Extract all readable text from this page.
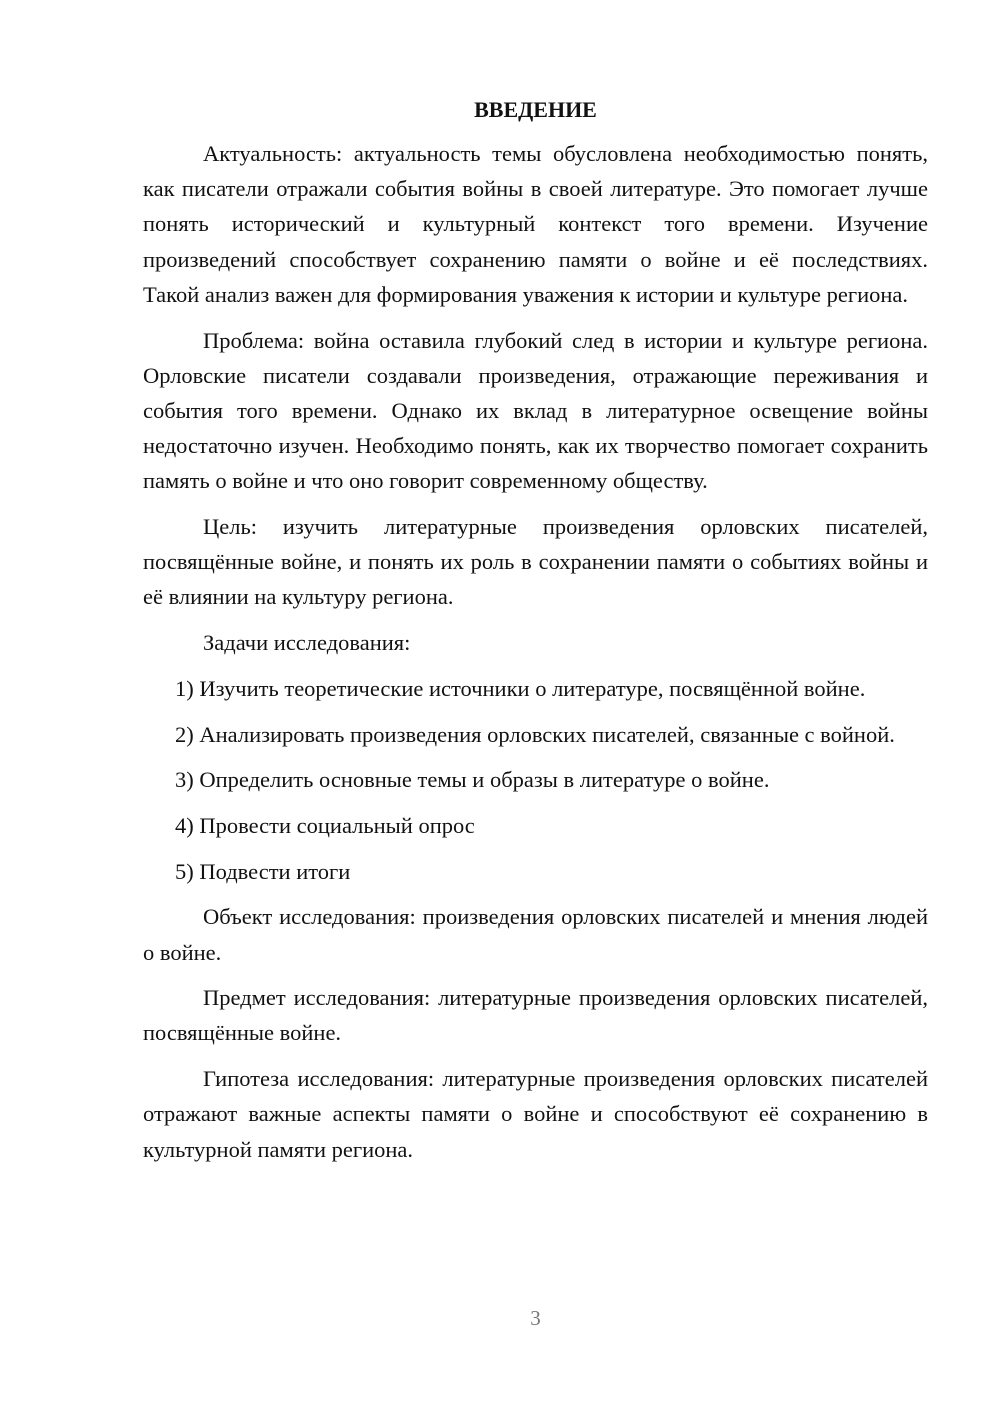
ВВЕДЕНИЕ

Актуальность: актуальность темы обусловлена необходимостью понять, как писатели отражали события войны в своей литературе. Это помогает лучше понять исторический и культурный контекст того времени. Изучение произведений способствует сохранению памяти о войне и её последствиях. Такой анализ важен для формирования уважения к истории и культуре региона.

Проблема: война оставила глубокий след в истории и культуре региона. Орловские писатели создавали произведения, отражающие переживания и события того времени. Однако их вклад в литературное освещение войны недостаточно изучен. Необходимо понять, как их творчество помогает сохранить память о войне и что оно говорит современному обществу.

Цель: изучить литературные произведения орловских писателей, посвящённые войне, и понять их роль в сохранении памяти о событиях войны и её влиянии на культуру региона.

Задачи исследования:

1) Изучить теоретические источники о литературе, посвящённой войне.

2) Анализировать произведения орловских писателей, связанные с войной.

3) Определить основные темы и образы в литературе о войне.

4) Провести социальный опрос

5) Подвести итоги

Объект исследования: произведения орловских писателей и мнения людей о войне.

Предмет исследования: литературные произведения орловских писателей, посвящённые войне.

Гипотеза исследования: литературные произведения орловских писателей отражают важные аспекты памяти о войне и способствуют её сохранению в культурной памяти региона.

3
